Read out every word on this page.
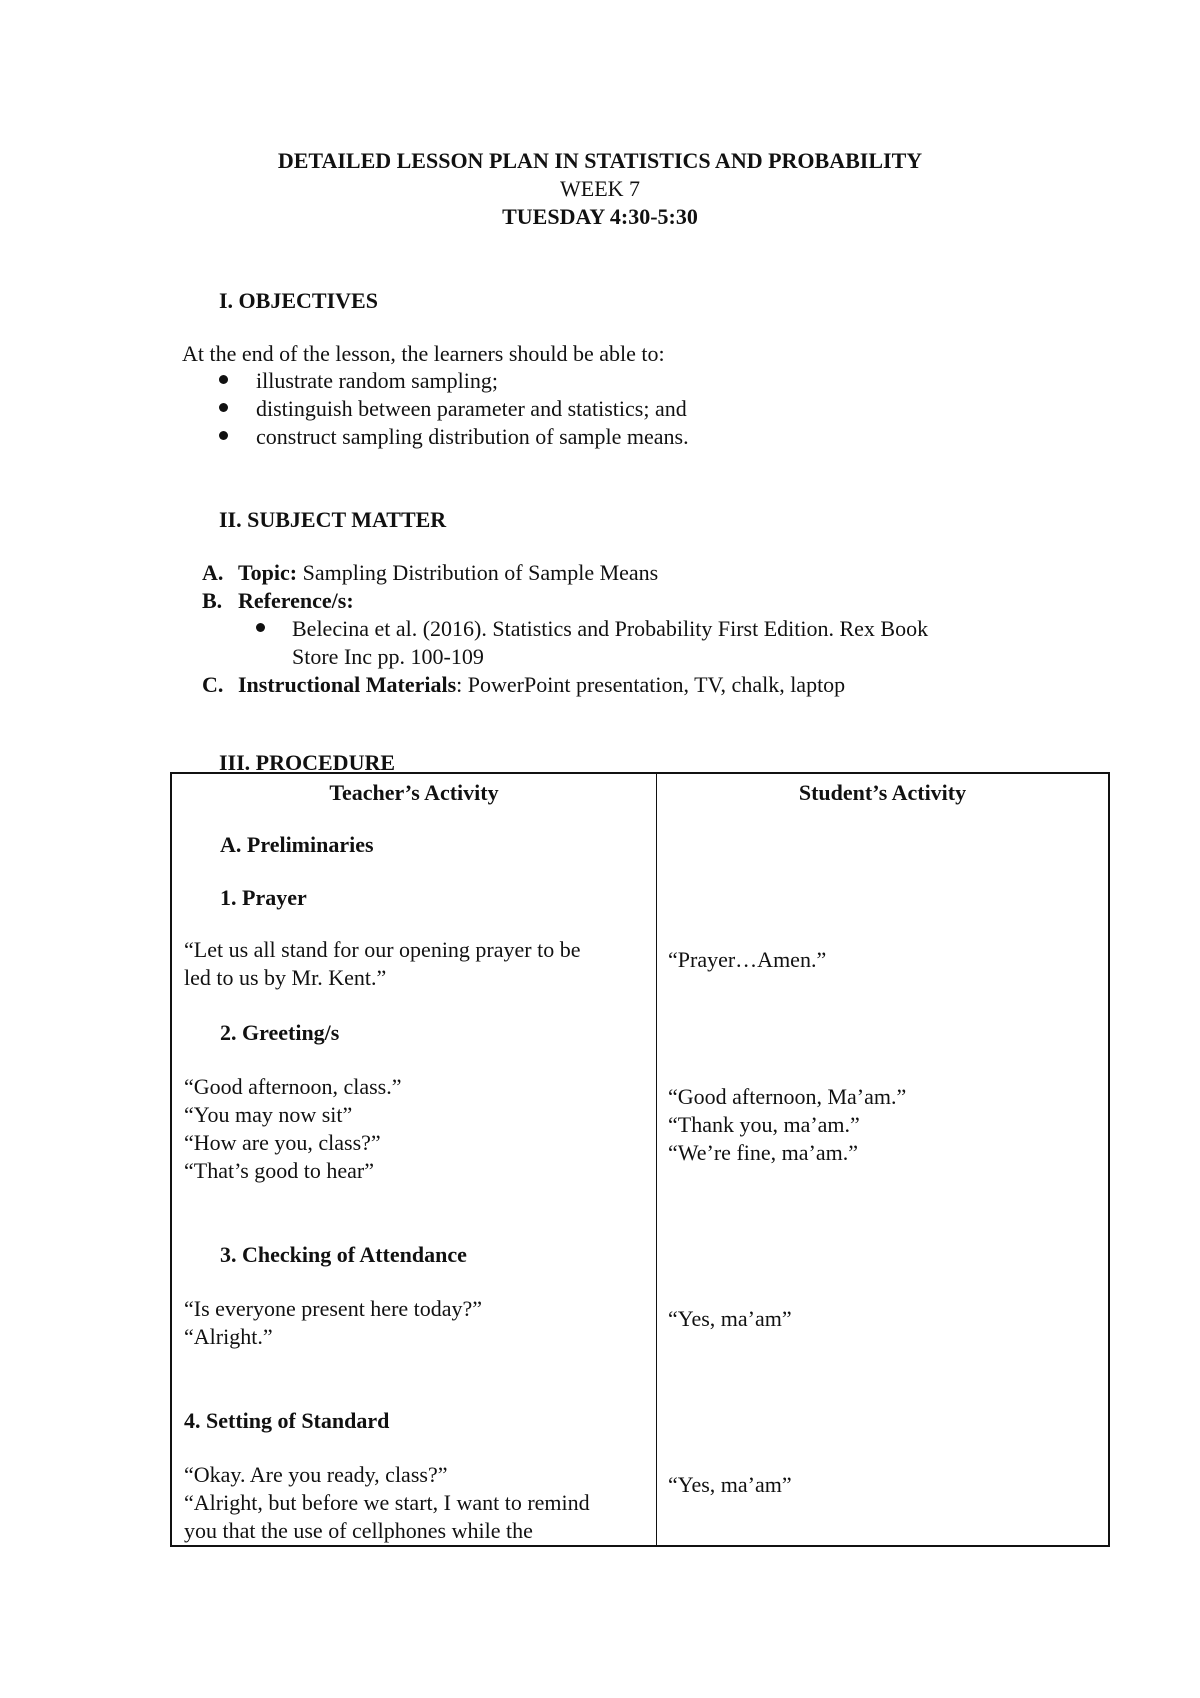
DETAILED LESSON PLAN IN STATISTICS AND PROBABILITY
WEEK 7
TUESDAY 4:30-5:30
I. OBJECTIVES
At the end of the lesson, the learners should be able to:
illustrate random sampling;
distinguish between parameter and statistics; and
construct sampling distribution of sample means.
II. SUBJECT MATTER
A. Topic: Sampling Distribution of Sample Means
B. Reference/s:
Belecina et al. (2016). Statistics and Probability First Edition. Rex Book
Store Inc pp. 100-109
C. Instructional Materials: PowerPoint presentation, TV, chalk, laptop
III. PROCEDURE
Teacher’s Activity	Student’s Activity
A. Preliminaries
1. Prayer
“Let us all stand for our opening prayer to be
led to us by Mr. Kent.”
“Prayer…Amen.”
2. Greeting/s
“Good afternoon, class.”
“You may now sit”
“How are you, class?”
“That’s good to hear”
“Good afternoon, Ma’am.”
“Thank you, ma’am.”
“We’re fine, ma’am.”
3. Checking of Attendance
“Is everyone present here today?”
“Alright.”
“Yes, ma’am”
4. Setting of Standard
“Okay. Are you ready, class?”
“Alright, but before we start, I want to remind
you that the use of cellphones while the
“Yes, ma’am”
